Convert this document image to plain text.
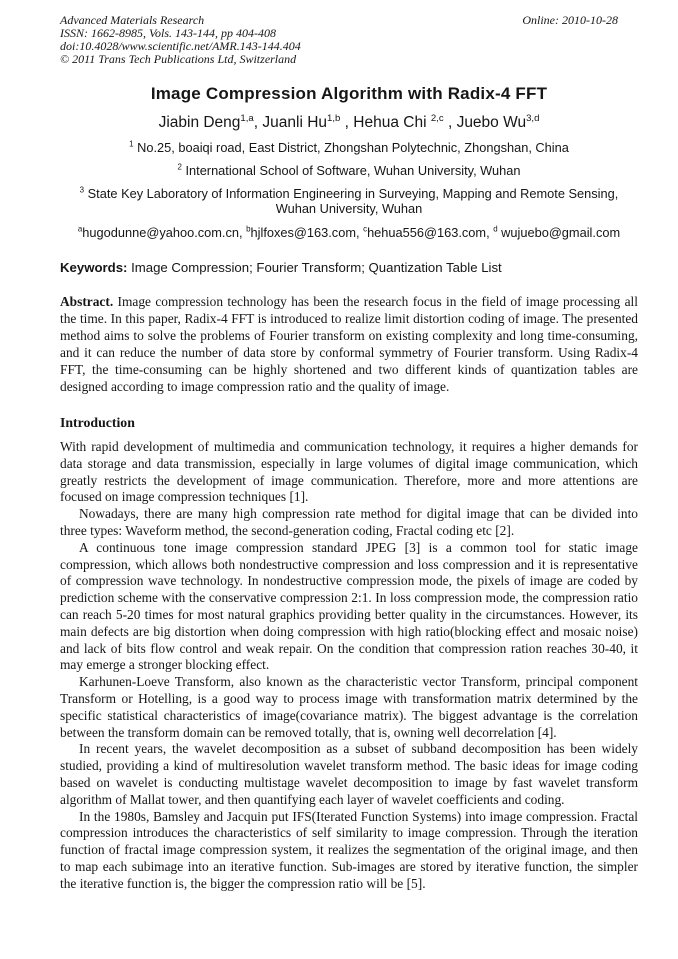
Advanced Materials Research	Online: 2010-10-28
ISSN: 1662-8985, Vols. 143-144, pp 404-408
doi:10.4028/www.scientific.net/AMR.143-144.404
© 2011 Trans Tech Publications Ltd, Switzerland
Image Compression Algorithm with Radix-4 FFT
Jiabin Deng$^{1,a}$, Juanli Hu$^{1,b}$ , Hehua Chi $^{2,c}$ , Juebo Wu$^{3,d}$
$^1$ No.25, boaiqi road, East District, Zhongshan Polytechnic, Zhongshan, China
$^2$ International School of Software, Wuhan University, Wuhan
$^3$ State Key Laboratory of Information Engineering in Surveying, Mapping and Remote Sensing, Wuhan University, Wuhan
$^a$hugodunne@yahoo.com.cn, $^b$hjlfoxes@163.com, $^c$hehua556@163.com, $^d$ wujuebo@gmail.com

Keywords: Image Compression; Fourier Transform; Quantization Table List

Abstract. Image compression technology has been the research focus in the field of image processing all the time. In this paper, Radix-4 FFT is introduced to realize limit distortion coding of image. The presented method aims to solve the problems of Fourier transform on existing complexity and long time-consuming, and it can reduce the number of data store by conformal symmetry of Fourier transform. Using Radix-4 FFT, the time-consuming can be highly shortened and two different kinds of quantization tables are designed according to image compression ratio and the quality of image.

Introduction

With rapid development of multimedia and communication technology, it requires a higher demands for data storage and data transmission, especially in large volumes of digital image communication, which greatly restricts the development of image communication. Therefore, more and more attentions are focused on image compression techniques [1].

Nowadays, there are many high compression rate method for digital image that can be divided into three types: Waveform method, the second-generation coding, Fractal coding etc [2].

A continuous tone image compression standard JPEG [3] is a common tool for static image compression, which allows both nondestructive compression and loss compression and it is representative of compression wave technology. In nondestructive compression mode, the pixels of image are coded by prediction scheme with the conservative compression 2:1. In loss compression mode, the compression ratio can reach 5-20 times for most natural graphics providing better quality in the circumstances. However, its main defects are big distortion when doing compression with high ratio(blocking effect and mosaic noise) and lack of bits flow control and weak repair. On the condition that compression ration reaches 30-40, it may emerge a stronger blocking effect.

Karhunen-Loeve Transform, also known as the characteristic vector Transform, principal component Transform or Hotelling, is a good way to process image with transformation matrix determined by the specific statistical characteristics of image(covariance matrix). The biggest advantage is the correlation between the transform domain can be removed totally, that is, owning well decorrelation [4].

In recent years, the wavelet decomposition as a subset of subband decomposition has been widely studied, providing a kind of multiresolution wavelet transform method. The basic ideas for image coding based on wavelet is conducting multistage wavelet decomposition to image by fast wavelet transform algorithm of Mallat tower, and then quantifying each layer of wavelet coefficients and coding.

In the 1980s, Bamsley and Jacquin put IFS(Iterated Function Systems) into image compression. Fractal compression introduces the characteristics of self similarity to image compression. Through the iteration function of fractal image compression system, it realizes the segmentation of the original image, and then to map each subimage into an iterative function. Sub-images are stored by iterative function, the simpler the iterative function is, the bigger the compression ratio will be [5].
